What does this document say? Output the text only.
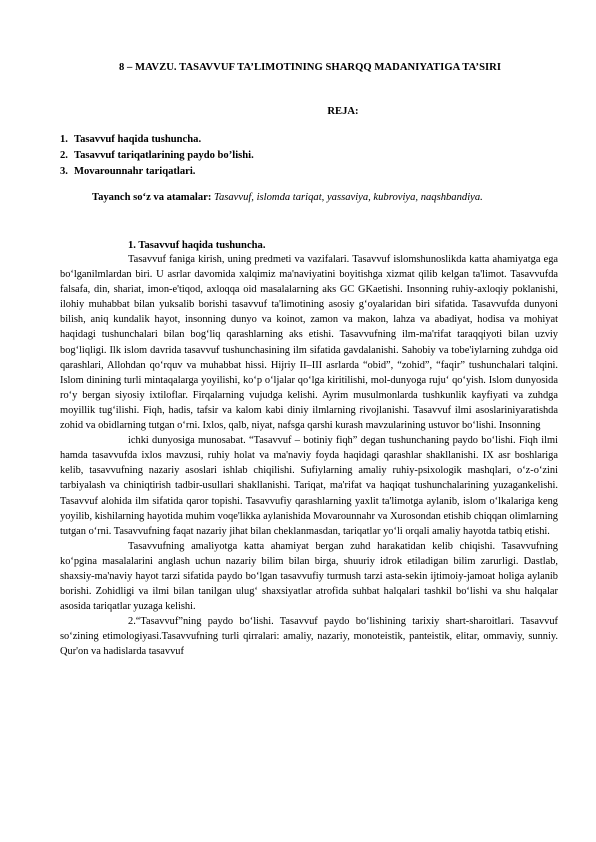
8 – MAVZU. TASAVVUF TA’LIMOTINING SHARQQ MADANIYATIGA TA’SIRI
REJA:
1. Tasavvuf haqida tushuncha.
2. Tasavvuf tariqatlarining paydo bo’lishi.
3. Movarounnahr tariqatlari.
Tayanch so‘z va atamalar: Tasavvuf, islomda tariqat, yassaviya, kubroviya, naqshbandiya.
1. Tasavvuf haqida tushuncha.

Tasavvuf faniga kirish, uning predmeti va vazifalari. Tasavvuf islomshunoslikda katta ahamiyatga ega bo‘lganilmlardan biri. U asrlar davomida xalqimiz ma'naviyatini boyitishga xizmat qilib kelgan ta'limot. Tasavvufda falsafa, din, shariat, imon-e'tiqod, axloqqa oid masalalarning aks GC GKaetishi. Insonning ruhiy-axloqiy poklanishi, ilohiy muhabbat bilan yuksalib borishi tasavvuf ta'limotining asosiy g‘oyalaridan biri sifatida. Tasavvufda dunyoni bilish, aniq kundalik hayot, insonning dunyo va koinot, zamon va makon, lahza va abadiyat, hodisa va mohiyat haqidagi tushunchalari bilan bog‘liq qarashlarning aks etishi. Tasavvufning ilm-ma'rifat taraqqiyoti bilan uzviy bog‘liqligi. Ilk islom davrida tasavvuf tushunchasining ilm sifatida gavdalanishi. Sahobiy va tobe'iylarning zuhdga oid qarashlari, Allohdan qo‘rquv va muhabbat hissi. Hijriy II–III asrlarda “obid”, “zohid”, “faqir” tushunchalari talqini. Islom dinining turli mintaqalarga yoyilishi, ko‘p o‘ljalar qo‘lga kiritilishi, mol-dunyoga ruju‘ qo‘yish. Islom dunyosida ro‘y bergan siyosiy ixtiloflar. Firqalarning vujudga kelishi. Ayrim musulmonlarda tushkunlik kayfiyati va zuhdga moyillik tug‘ilishi. Fiqh, hadis, tafsir va kalom kabi diniy ilmlarning rivojlanishi. Tasavvuf ilmi asoslariniyaratishda zohid va obidlarning tutgan o‘rni. Ixlos, qalb, niyat, nafsga qarshi kurash mavzularining ustuvor bo‘lishi. Insonning

ichki dunyosiga munosabat. “Tasavvuf – botiniy fiqh” degan tushunchaning paydo bo‘lishi. Fiqh ilmi hamda tasavvufda ixlos mavzusi, ruhiy holat va ma'naviy foyda haqidagi qarashlar shakllanishi. IX asr boshlariga kelib, tasavvufning nazariy asoslari ishlab chiqilishi. Sufiylarning amaliy ruhiy-psixologik mashqlari, o‘z-o‘zini tarbiyalash va chiniqtirish tadbir-usullari shakllanishi. Tariqat, ma'rifat va haqiqat tushunchalarining yuzagankelishi. Tasavvuf alohida ilm sifatida qaror topishi. Tasavvufiy qarashlarning yaxlit ta'limotga aylanib, islom o‘lkalariga keng yoyilib, kishilarning hayotida muhim voqe'likka aylanishida Movarounnahr va Xurosondan etishib chiqqan olimlarning tutgan o‘rni. Tasavvufning faqat nazariy jihat bilan cheklanmasdan, tariqatlar yo‘li orqali amaliy hayotda tatbiq etishi.

Tasavvufning amaliyotga katta ahamiyat bergan zuhd harakatidan kelib chiqishi. Tasavvufning ko‘pgina masalalarini anglash uchun nazariy bilim bilan birga, shuuriy idrok etiladigan bilim zarurligi. Dastlab, shaxsiy-ma'naviy hayot tarzi sifatida paydo bo‘lgan tasavvufiy turmush tarzi asta-sekin ijtimoiy-jamoat holiga aylanib borishi. Zohidligi va ilmi bilan tanilgan ulug‘ shaxsiyatlar atrofida suhbat halqalari tashkil bo‘lishi va shu halqalar asosida tariqatlar yuzaga kelishi.

2.“Tasavvuf”ning paydo bo‘lishi. Tasavvuf paydo bo‘lishining tarixiy shart-sharoitlari. Tasavvuf so‘zining etimologiyasi.Tasavvufning turli qirralari: amaliy, nazariy, monoteistik, panteistik, elitar, ommaviy, sunniy. Qur'on va hadislarda tasavvuf
